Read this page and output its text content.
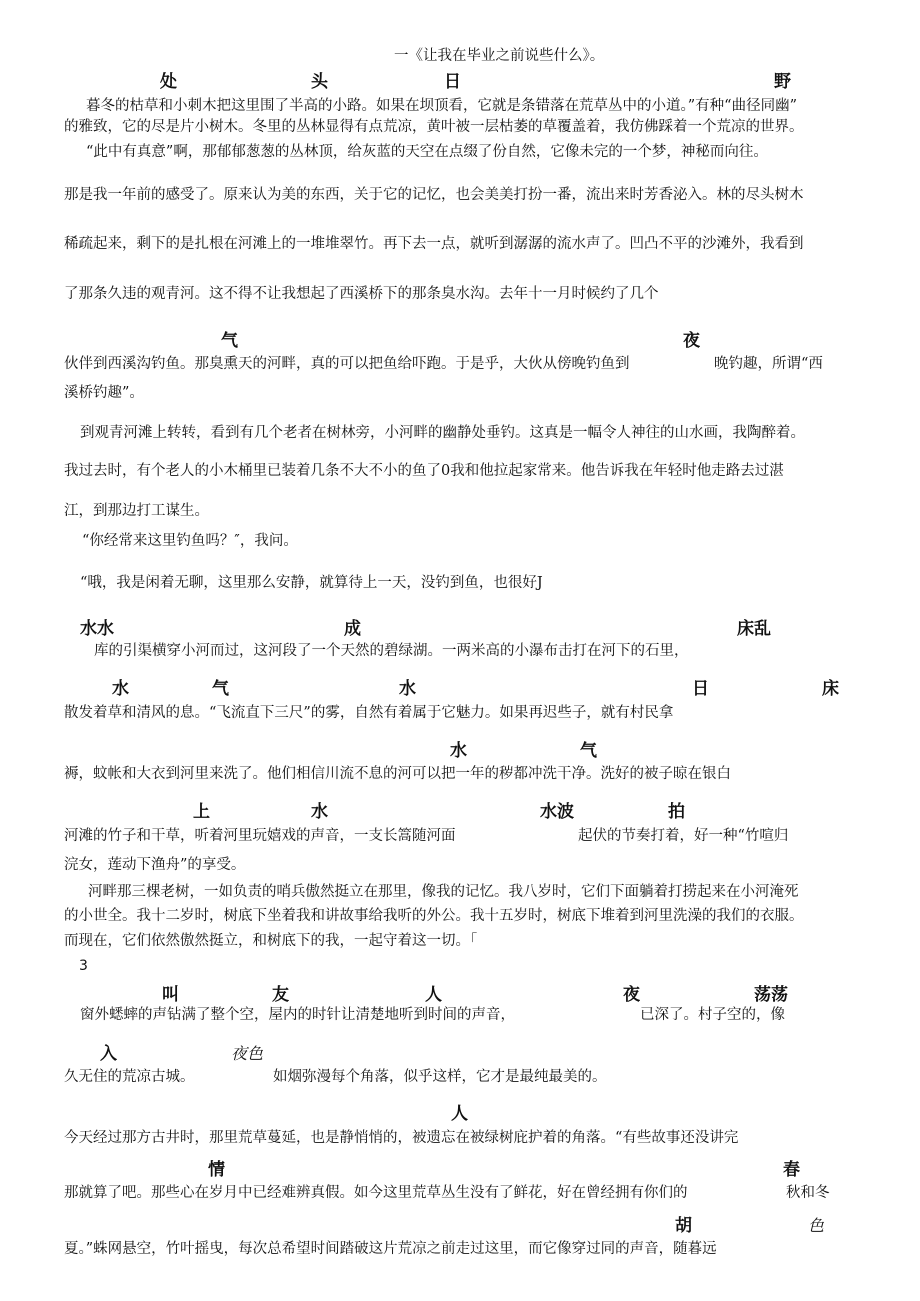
一《让我在毕业之前说些什么》。
处	头	日	野
暮冬的枯草和小刺木把这里围了半高的小路。如果在坝顶看，它就是条错落在荒草丛中的小道。”有种“曲径同幽”
的雅致，它的尽是片小树木。冬里的丛林显得有点荒凉，黄叶被一层枯萎的草覆盖着，我仿佛踩着一个荒凉的世界。
“此中有真意”啊，那郁郁葱葱的丛林顶，给灰蓝的天空在点缀了份自然，它像未完的一个梦，神秘而向往。
那是我一年前的感受了。原来认为美的东西，关于它的记忆，也会美美打扮一番，流出来时芳香泌入。林的尽头树木
稀疏起来，剩下的是扎根在河滩上的一堆堆翠竹。再下去一点，就听到潺潺的流水声了。凹凸不平的沙滩外，我看到
了那条久违的观青河。这不得不让我想起了西溪桥下的那条臭水沟。去年十一月时候约了几个
气	夜
伙伴到西溪沟钓鱼。那臭熏天的河畔，真的可以把鱼给吓跑。于是乎，大伙从傍晚钓鱼到	晚钓趣，所谓“西
溪桥钓趣”。
到观青河滩上转转，看到有几个老者在树林旁，小河畔的幽静处垂钓。这真是一幅令人神往的山水画，我陶醉着。
我过去时，有个老人的小木桶里已装着几条不大不小的鱼了0我和他拉起家常来。他告诉我在年轻时他走路去过湛
江，到那边打工谋生。
“你经常来这里钓鱼吗？″，我问。
“哦，我是闲着无聊，这里那么安静，就算待上一天，没钓到鱼，也很好J
水水	成	床乱
库的引渠横穿小河而过，这河段了一个天然的碧绿湖。一两米高的小瀑布击打在河下的石里，
水	气	水	日	床
散发着草和清风的息。“飞流直下三尺”的雾，自然有着属于它魅力。如果再迟些子，就有村民拿
水	气
褥，蚊帐和大衣到河里来洗了。他们相信川流不息的河可以把一年的秽都冲洗干净。洗好的被子晾在银白
上	水	水波	拍
河滩的竹子和干草，听着河里玩嬉戏的声音，一支长篙随河面	起伏的节奏打着，好一种“竹喧归
浣女，莲动下渔舟”的享受。
河畔那三棵老树，一如负责的哨兵傲然挺立在那里，像我的记忆。我八岁时，它们下面躺着打捞起来在小河淹死
的小世全。我十二岁时，树底下坐着我和讲故事给我听的外公。我十五岁时，树底下堆着到河里洗澡的我们的衣服。
而现在，它们依然傲然挺立，和树底下的我，一起守着这一切。「
3
叫	友	人	夜	荡荡
窗外蟋蟀的声钻满了整个空，屋内的时针让清楚地听到时间的声音，	已深了。村子空的，像
入	夜色
久无住的荒凉古城。	如烟弥漫每个角落，似乎这样，它才是最纯最美的。
人
今天经过那方古井时，那里荒草蔓延，也是静悄悄的，被遗忘在被绿树庇护着的角落。“有些故事还没讲完
情	春
那就算了吧。那些心在岁月中已经难辨真假。如今这里荒草丛生没有了鲜花，好在曾经拥有你们的	秋和冬
胡	色
夏。”蛛网悬空，竹叶摇曳，每次总希望时间踏破这片荒凉之前走过这里，而它像穿过同的声音，随暮远
